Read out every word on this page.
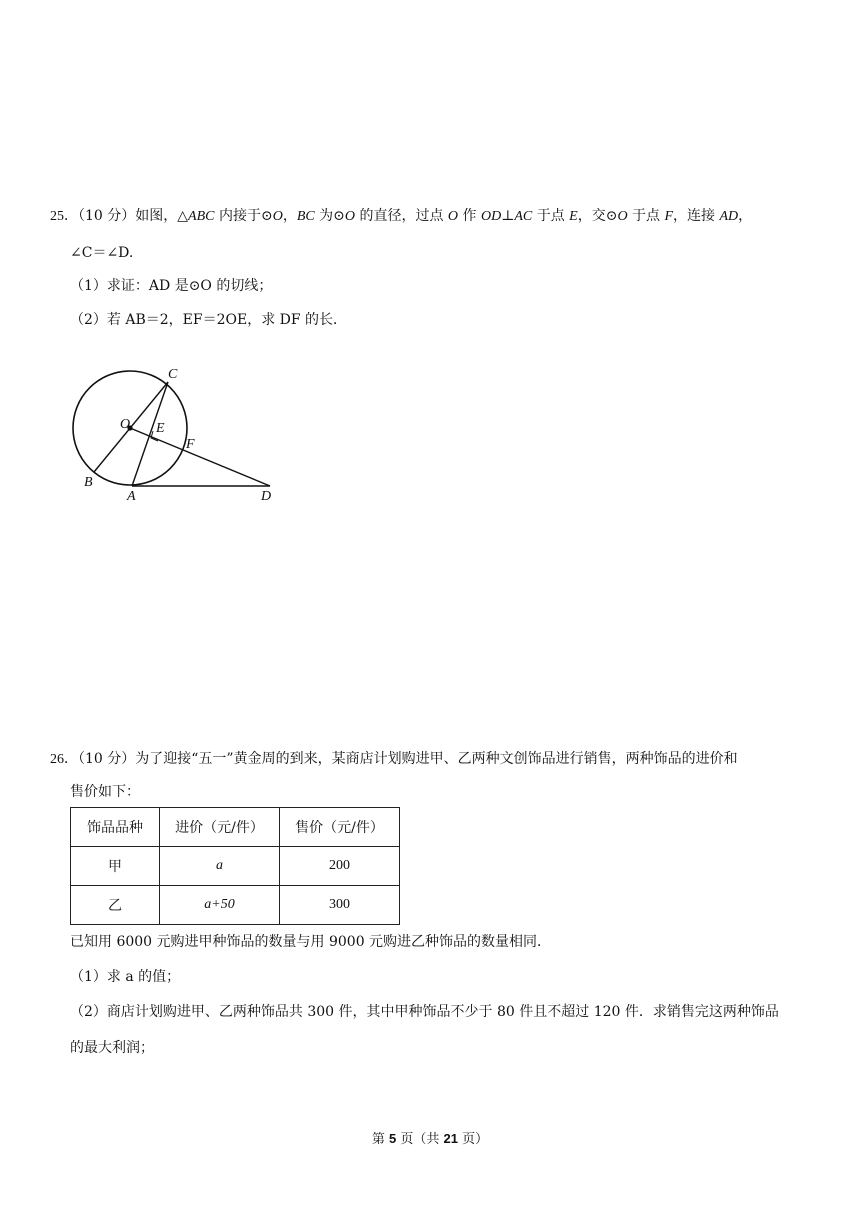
25．（10 分）如图，△ABC 内接于⊙O，BC 为⊙O 的直径，过点 O 作 OD⊥AC 于点 E，交⊙O 于点 F，连接 AD，
∠C＝∠D.
（1）求证：AD 是⊙O 的切线；
（2）若 AB＝2，EF＝2OE，求 DF 的长．
C
O E
F
B
A	D
26．（10 分）为了迎接“五一”黄金周的到来，某商店计划购进甲、乙两种文创饰品进行销售，两种饰品的进价和
售价如下：
饰品品种	进价（元/件）	售价（元/件）
甲	a	200
乙	a+50	300
已知用 6000 元购进甲种饰品的数量与用 9000 元购进乙种饰品的数量相同．
（1）求 a 的值；
（2）商店计划购进甲、乙两种饰品共 300 件，其中甲种饰品不少于 80 件且不超过 120 件．求销售完这两种饰品
的最大利润；
第 5 页（共 21 页）
